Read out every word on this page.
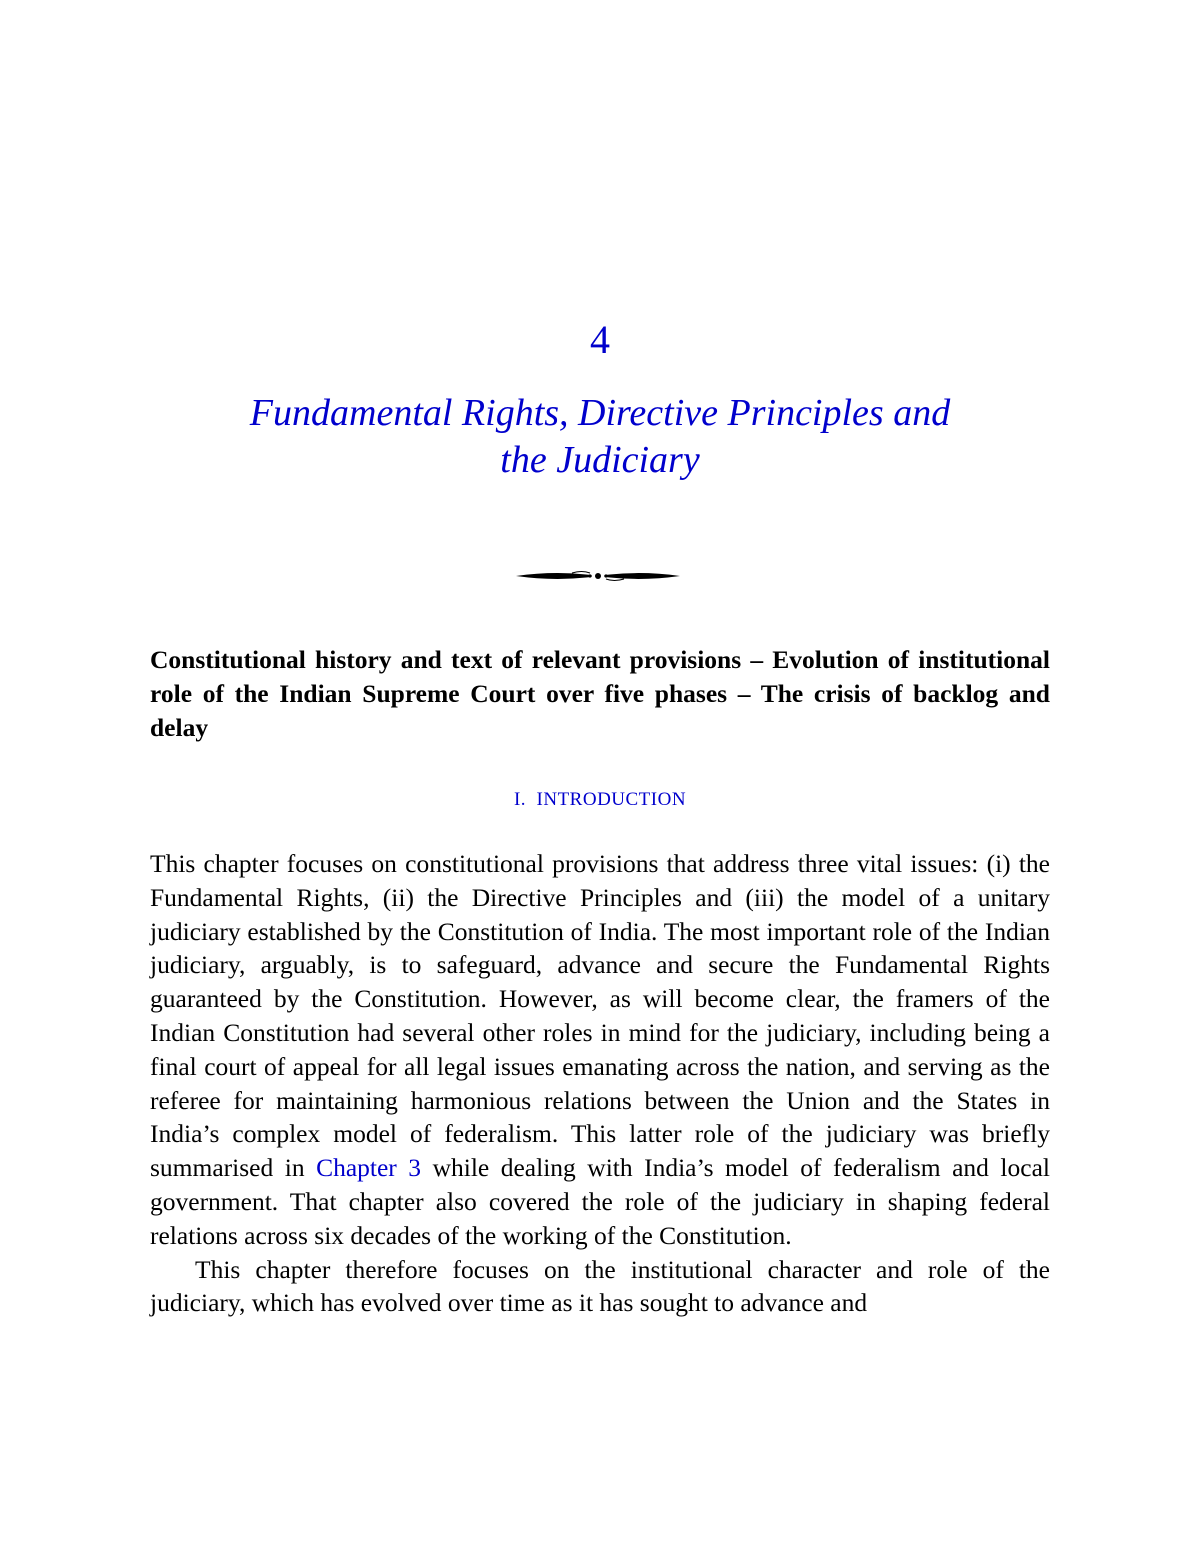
4
Fundamental Rights, Directive Principles and
the Judiciary
Constitutional history and text of relevant provisions – Evolution of institutional role of the Indian Supreme Court over five phases – The crisis of backlog and delay
I. INTRODUCTION

This chapter focuses on constitutional provisions that address three vital issues: (i) the Fundamental Rights, (ii) the Directive Principles and (iii) the model of a unitary judiciary established by the Constitution of India. The most important role of the Indian judiciary, arguably, is to safeguard, advance and secure the Fundamental Rights guaranteed by the Constitution. However, as will become clear, the framers of the Indian Constitution had several other roles in mind for the judiciary, including being a final court of appeal for all legal issues emanating across the nation, and serving as the referee for maintaining harmonious relations between the Union and the States in India’s complex model of federalism. This latter role of the judiciary was briefly summarised in Chapter 3 while dealing with India’s model of federalism and local government. That chapter also covered the role of the judiciary in shaping federal relations across six decades of the working of the Constitution.

This chapter therefore focuses on the institutional character and role of the judiciary, which has evolved over time as it has sought to advance and
